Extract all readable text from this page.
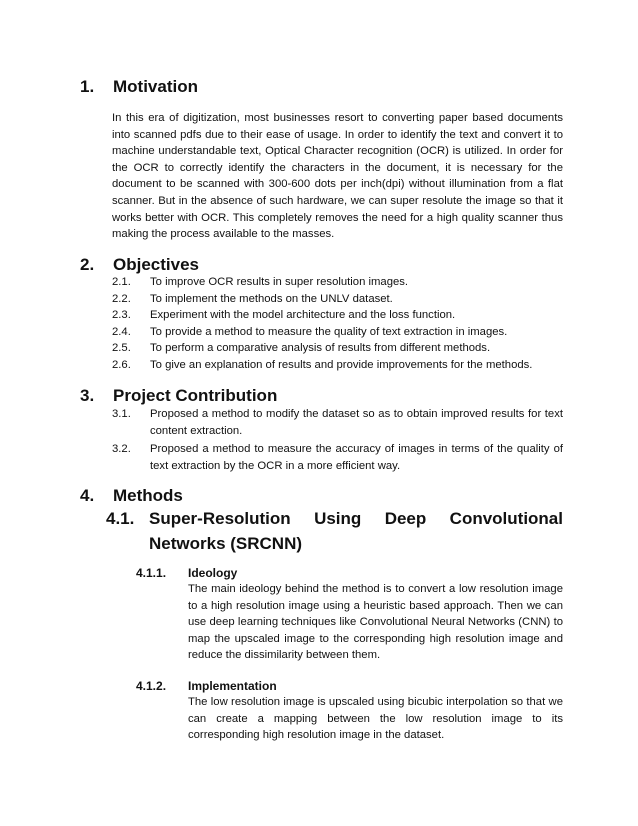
1. Motivation
In this era of digitization, most businesses resort to converting paper based documents into scanned pdfs due to their ease of usage. In order to identify the text and convert it to machine understandable text, Optical Character recognition (OCR) is utilized. In order for the OCR to correctly identify the characters in the document, it is necessary for the document to be scanned with 300-600 dots per inch(dpi) without illumination from a flat scanner. But in the absence of such hardware, we can super resolute the image so that it works better with OCR. This completely removes the need for a high quality scanner thus making the process available to the masses.
2. Objectives
2.1. To improve OCR results in super resolution images.
2.2. To implement the methods on the UNLV dataset.
2.3. Experiment with the model architecture and the loss function.
2.4. To provide a method to measure the quality of text extraction in images.
2.5. To perform a comparative analysis of results from different methods.
2.6. To give an explanation of results and provide improvements for the methods.
3. Project Contribution
3.1. Proposed a method to modify the dataset so as to obtain improved results for text content extraction.
3.2. Proposed a method to measure the accuracy of images in terms of the quality of text extraction by the OCR in a more efficient way.
4. Methods
4.1. Super-Resolution Using Deep Convolutional Networks (SRCNN)
4.1.1. Ideology
The main ideology behind the method is to convert a low resolution image to a high resolution image using a heuristic based approach. Then we can use deep learning techniques like Convolutional Neural Networks (CNN) to map the upscaled image to the corresponding high resolution image and reduce the dissimilarity between them.
4.1.2. Implementation
The low resolution image is upscaled using bicubic interpolation so that we can create a mapping between the low resolution image to its corresponding high resolution image in the dataset.
